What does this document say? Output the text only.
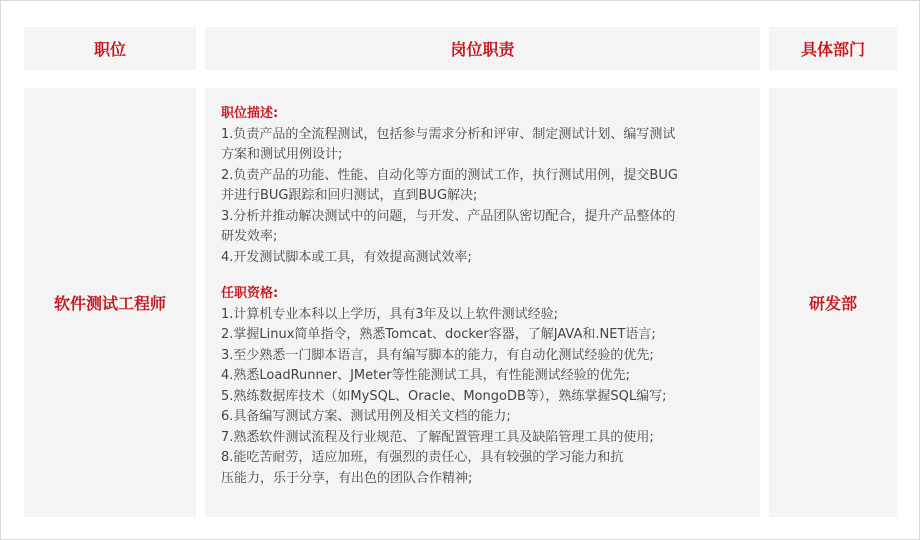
职位	岗位职责	具体部门
软件测试工程师
职位描述:
1.负责产品的全流程测试，包括参与需求分析和评审、制定测试计划、编写测试
方案和测试用例设计;
2.负责产品的功能、性能、自动化等方面的测试工作，执行测试用例，提交BUG
并进行BUG跟踪和回归测试，直到BUG解决;
3.分析并推动解决测试中的问题，与开发、产品团队密切配合，提升产品整体的
研发效率;
4.开发测试脚本或工具，有效提高测试效率;
任职资格:
1.计算机专业本科以上学历，具有3年及以上软件测试经验;
2.掌握Linux简单指令，熟悉Tomcat、docker容器，了解JAVA和.NET语言;
3.至少熟悉一门脚本语言，具有编写脚本的能力，有自动化测试经验的优先;
4.熟悉LoadRunner、JMeter等性能测试工具，有性能测试经验的优先;
5.熟练数据库技术（如MySQL、Oracle、MongoDB等），熟练掌握SQL编写;
6.具备编写测试方案、测试用例及相关文档的能力;
7.熟悉软件测试流程及行业规范、了解配置管理工具及缺陷管理工具的使用;
8.能吃苦耐劳，适应加班，有强烈的责任心，具有较强的学习能力和抗
压能力，乐于分享，有出色的团队合作精神;
研发部
